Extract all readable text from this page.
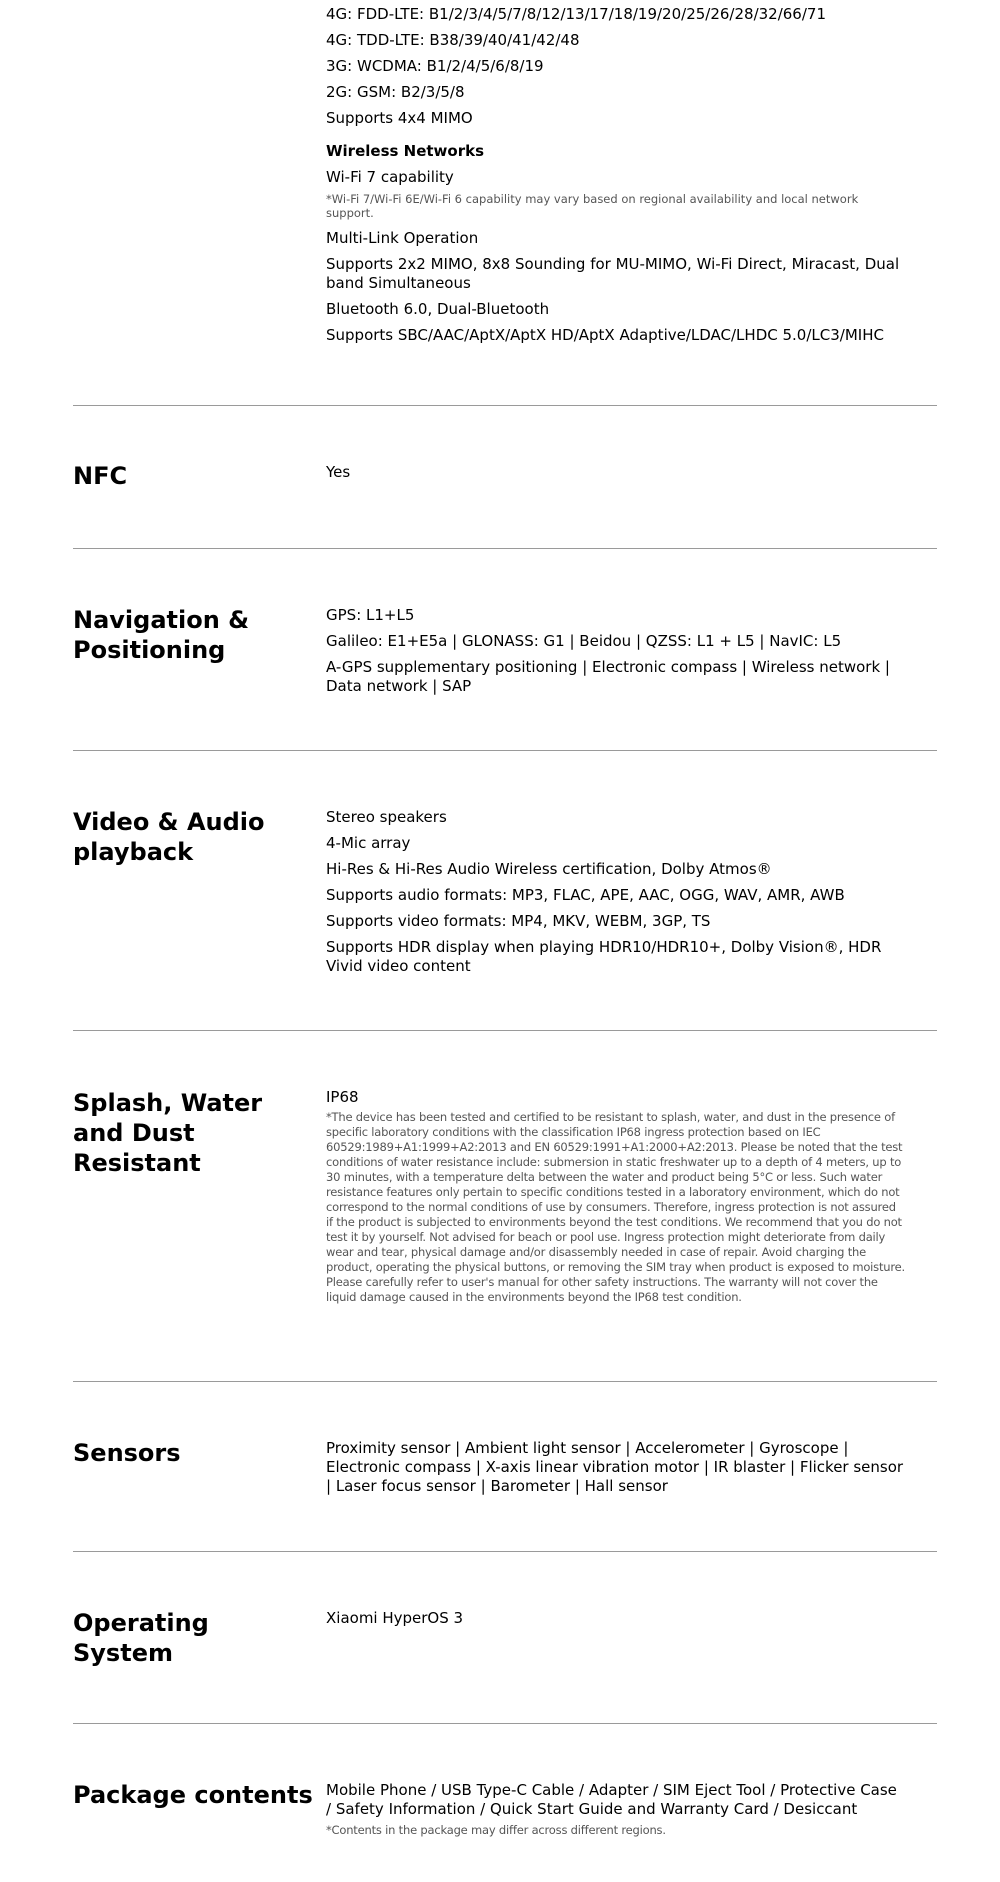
4G: FDD-LTE: B1/2/3/4/5/7/8/12/13/17/18/19/20/25/26/28/32/66/71

4G: TDD-LTE: B38/39/40/41/42/48

3G: WCDMA: B1/2/4/5/6/8/19

2G: GSM: B2/3/5/8

Supports 4x4 MIMO

Wireless Networks

Wi-Fi 7 capability

*Wi-Fi 7/Wi-Fi 6E/Wi-Fi 6 capability may vary based on regional availability and local network support.

Multi-Link Operation

Supports 2x2 MIMO, 8x8 Sounding for MU-MIMO, Wi-Fi Direct, Miracast, Dual band Simultaneous

Bluetooth 6.0, Dual-Bluetooth

Supports SBC/AAC/AptX/AptX HD/AptX Adaptive/LDAC/LHDC 5.0/LC3/MIHC

NFC	Yes

Navigation & Positioning

GPS: L1+L5

Galileo: E1+E5a | GLONASS: G1 | Beidou | QZSS: L1 + L5 | NavIC: L5

A-GPS supplementary positioning | Electronic compass | Wireless network | Data network | SAP

Video & Audio playback

Stereo speakers

4-Mic array

Hi-Res & Hi-Res Audio Wireless certification, Dolby Atmos®

Supports audio formats: MP3, FLAC, APE, AAC, OGG, WAV, AMR, AWB

Supports video formats: MP4, MKV, WEBM, 3GP, TS

Supports HDR display when playing HDR10/HDR10+, Dolby Vision®, HDR Vivid video content

Splash, Water and Dust Resistant

IP68

*The device has been tested and certified to be resistant to splash, water, and dust in the presence of specific laboratory conditions with the classification IP68 ingress protection based on IEC 60529:1989+A1:1999+A2:2013 and EN 60529:1991+A1:2000+A2:2013. Please be noted that the test conditions of water resistance include: submersion in static freshwater up to a depth of 4 meters, up to 30 minutes, with a temperature delta between the water and product being 5°C or less. Such water resistance features only pertain to specific conditions tested in a laboratory environment, which do not correspond to the normal conditions of use by consumers. Therefore, ingress protection is not assured if the product is subjected to environments beyond the test conditions. We recommend that you do not test it by yourself. Not advised for beach or pool use. Ingress protection might deteriorate from daily wear and tear, physical damage and/or disassembly needed in case of repair. Avoid charging the product, operating the physical buttons, or removing the SIM tray when product is exposed to moisture. Please carefully refer to user's manual for other safety instructions. The warranty will not cover the liquid damage caused in the environments beyond the IP68 test condition.

Sensors	Proximity sensor | Ambient light sensor | Accelerometer | Gyroscope | Electronic compass | X-axis linear vibration motor | IR blaster | Flicker sensor | Laser focus sensor | Barometer | Hall sensor

Operating System

Xiaomi HyperOS 3

Package contents Mobile Phone / USB Type-C Cable / Adapter / SIM Eject Tool / Protective Case / Safety Information / Quick Start Guide and Warranty Card / Desiccant

*Contents in the package may differ across different regions.
